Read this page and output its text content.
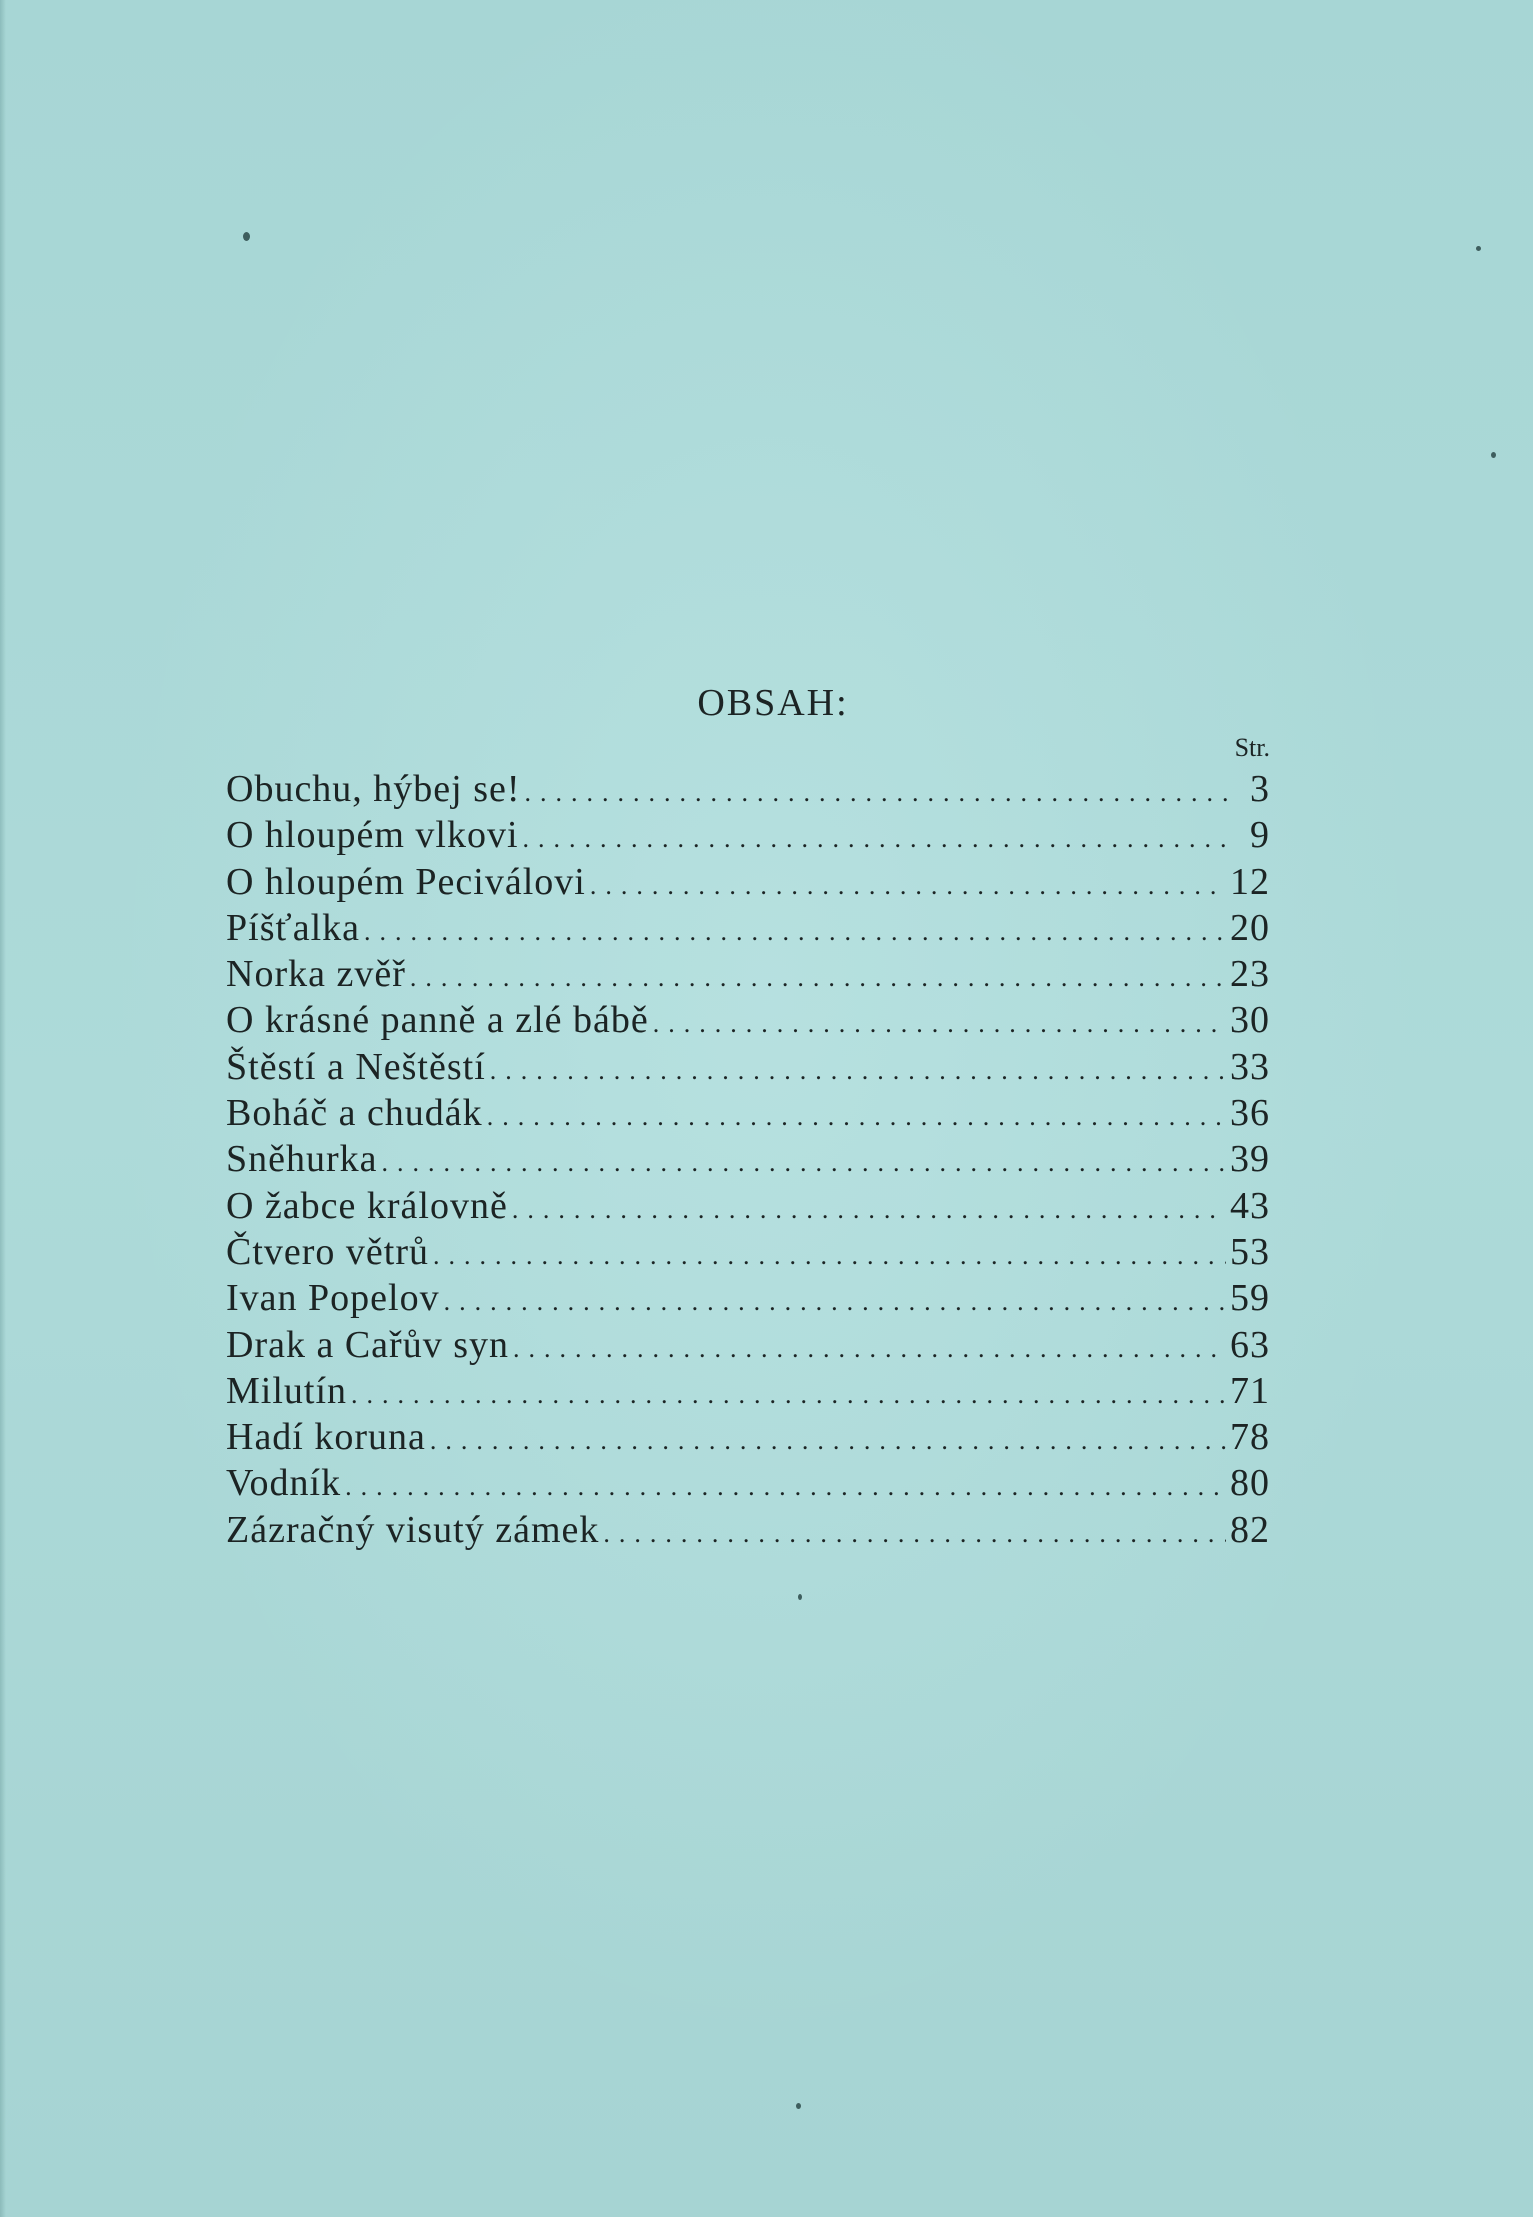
OBSAH:
Str.
Obuchu, hýbej se! .....	3
O hloupém vlkovi .....	9
O hloupém Peciválovi .....	12
Píšťalka .....	20
Norka zvěř .....	23
O krásné panně a zlé bábě .....	30
Štěstí a Neštěstí .....	33
Boháč a chudák .....	36
Sněhurka .....	39
O žabce královně .....	43
Čtvero větrů .....	53
Ivan Popelov .....	59
Drak a Cařův syn .....	63
Milutín .....	71
Hadí koruna .....	78
Vodník .....	80
Zázračný visutý zámek .....	82
